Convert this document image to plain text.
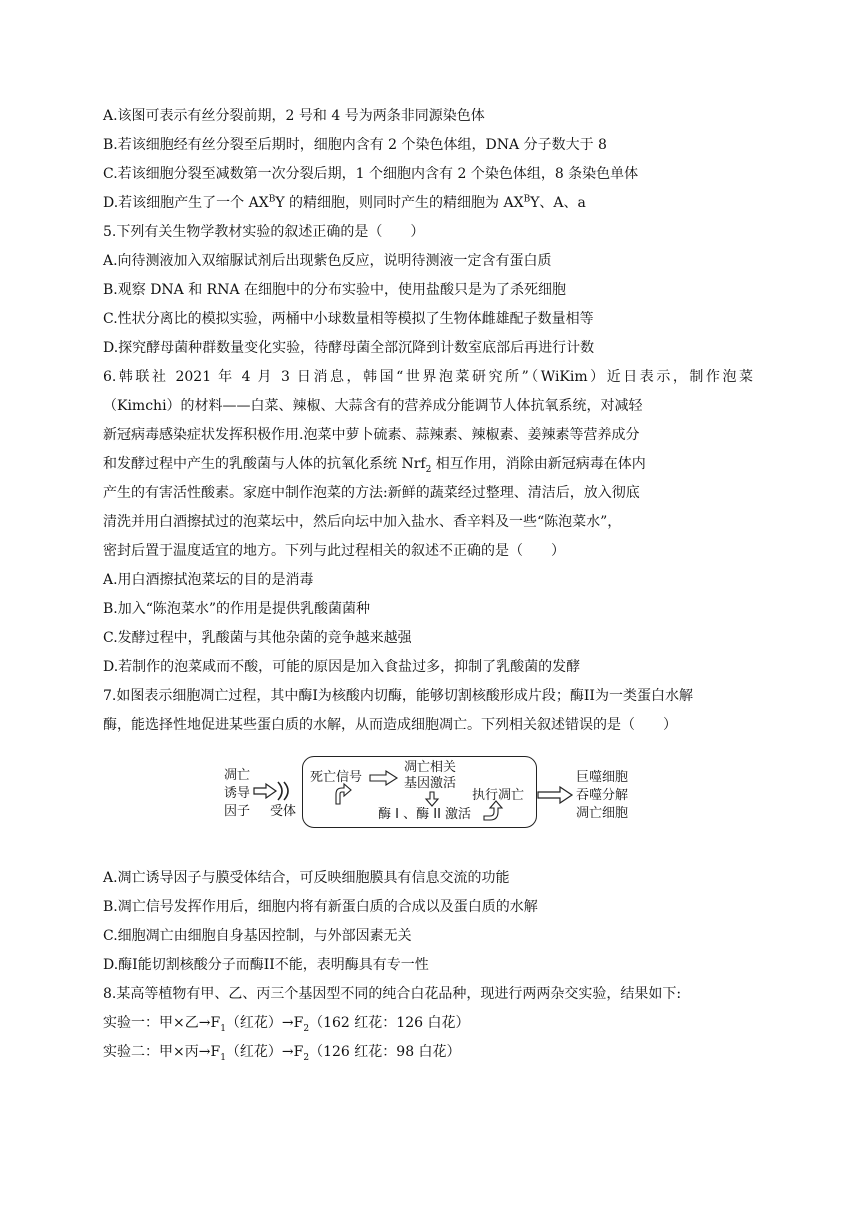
A.该图可表示有丝分裂前期，2 号和 4 号为两条非同源染色体

B.若该细胞经有丝分裂至后期时，细胞内含有 2 个染色体组，DNA 分子数大于 8

C.若该细胞分裂至减数第一次分裂后期，1 个细胞内含有 2 个染色体组，8 条染色单体

D.若该细胞产生了一个 $AX^BY$ 的精细胞，则同时产生的精细胞为 $AX^BY$、A、a

5.下列有关生物学教材实验的叙述正确的是（　　）

A.向待测液加入双缩脲试剂后出现紫色反应，说明待测液一定含有蛋白质

B.观察 DNA 和 RNA 在细胞中的分布实验中，使用盐酸只是为了杀死细胞

C.性状分离比的模拟实验，两桶中小球数量相等模拟了生物体雌雄配子数量相等

D.探究酵母菌种群数量变化实验，待酵母菌全部沉降到计数室底部后再进行计数

6.韩联社 2021 年 4 月 3 日消息，韩国“世界泡菜研究所”（WiKim）近日表示，制作泡菜

（Kimchi）的材料——白菜、辣椒、大蒜含有的营养成分能调节人体抗氧系统，对减轻

新冠病毒感染症状发挥积极作用.泡菜中萝卜硫素、蒜辣素、辣椒素、姜辣素等营养成分

和发酵过程中产生的乳酸菌与人体的抗氧化系统 Nrf$_2$ 相互作用，消除由新冠病毒在体内

产生的有害活性酸素。家庭中制作泡菜的方法:新鲜的蔬菜经过整理、清洁后，放入彻底

清洗并用白酒擦拭过的泡菜坛中，然后向坛中加入盐水、香辛料及一些“陈泡菜水”，

密封后置于温度适宜的地方。下列与此过程相关的叙述不正确的是（　　）

A.用白酒擦拭泡菜坛的目的是消毒

B.加入“陈泡菜水”的作用是提供乳酸菌菌种

C.发酵过程中，乳酸菌与其他杂菌的竞争越来越强

D.若制作的泡菜咸而不酸，可能的原因是加入食盐过多，抑制了乳酸菌的发酵

7.如图表示细胞凋亡过程，其中酶I为核酸内切酶，能够切割核酸形成片段；酶II为一类蛋白水解

酶，能选择性地促进某些蛋白质的水解，从而造成细胞凋亡。下列相关叙述错误的是（　　）

凋亡
诱导
因子 受体
死亡信号
凋亡相关
基因激活
酶 I 、酶 II 激活
执行凋亡
巨噬细胞
吞噬分解
凋亡细胞

A.凋亡诱导因子与膜受体结合，可反映细胞膜具有信息交流的功能

B.凋亡信号发挥作用后，细胞内将有新蛋白质的合成以及蛋白质的水解

C.细胞凋亡由细胞自身基因控制，与外部因素无关

D.酶I能切割核酸分子而酶II不能，表明酶具有专一性

8.某高等植物有甲、乙、丙三个基因型不同的纯合白花品种，现进行两两杂交实验，结果如下:

实验一：甲×乙$\to F_1$（红花）$\to F_2(162$ 红花：126 白花）

实验二：甲×丙$\to F_1$（红花）$\to F_2(126$ 红花：98 白花）
